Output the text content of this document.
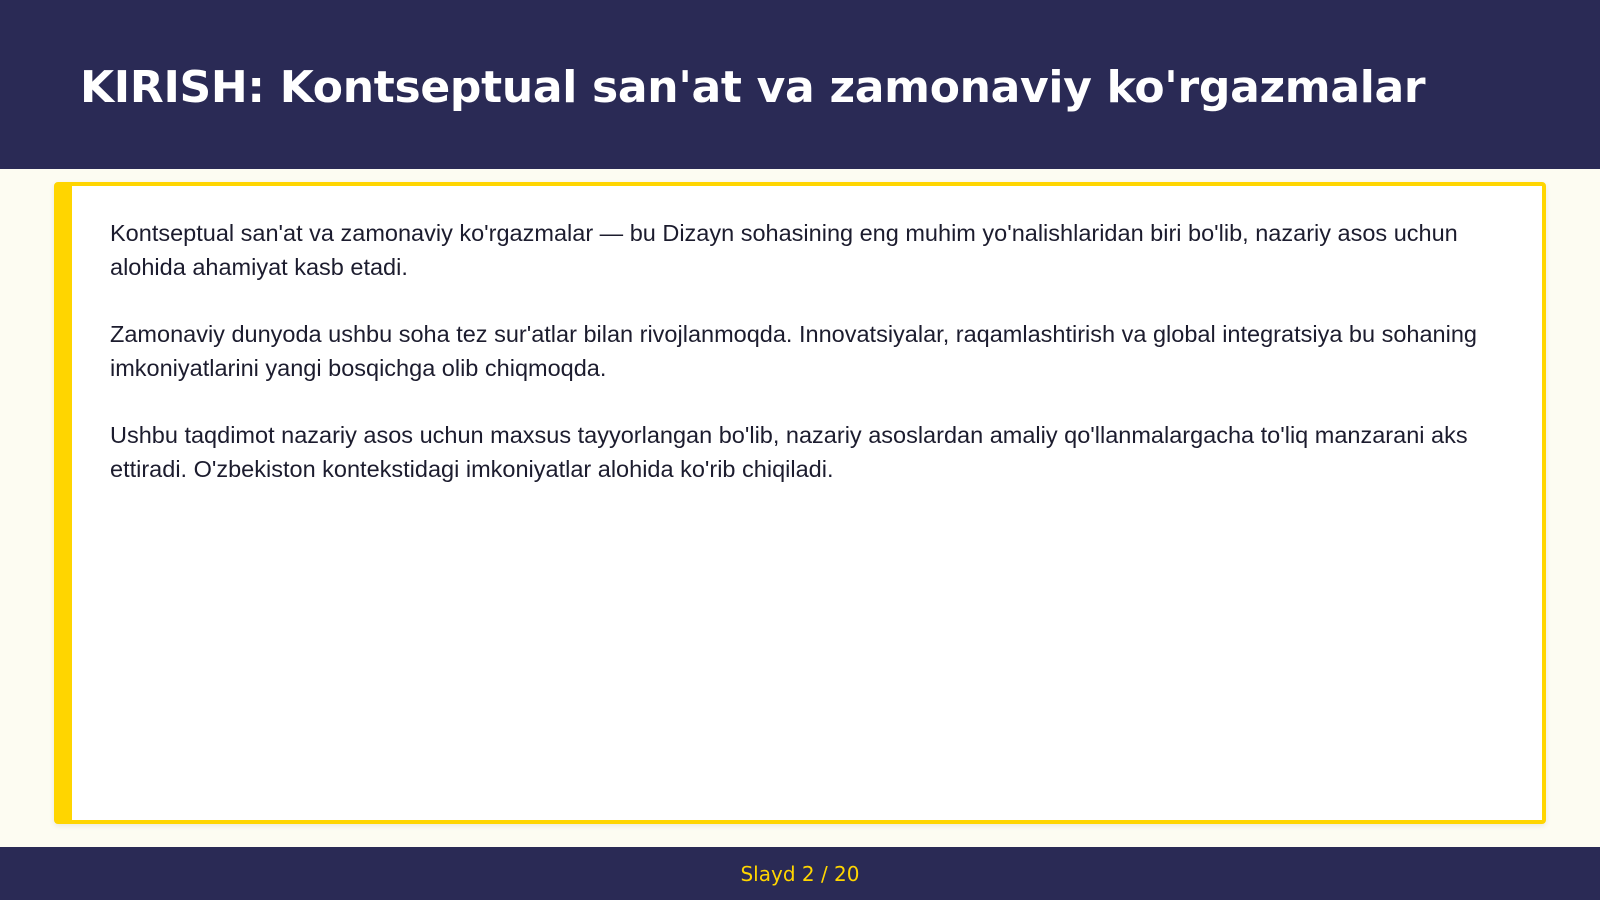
KIRISH: Kontseptual san'at va zamonaviy ko'rgazmalar

Kontseptual san'at va zamonaviy ko'rgazmalar — bu Dizayn sohasining eng muhim yo'nalishlaridan biri bo'lib, nazariy asos uchun alohida ahamiyat kasb etadi.

Zamonaviy dunyoda ushbu soha tez sur'atlar bilan rivojlanmoqda. Innovatsiyalar, raqamlashtirish va global integratsiya bu sohaning imkoniyatlarini yangi bosqichga olib chiqmoqda.

Ushbu taqdimot nazariy asos uchun maxsus tayyorlangan bo'lib, nazariy asoslardan amaliy qo'llanmalargacha to'liq manzarani aks ettiradi. O'zbekiston kontekstidagi imkoniyatlar alohida ko'rib chiqiladi.

Slayd 2 / 20
